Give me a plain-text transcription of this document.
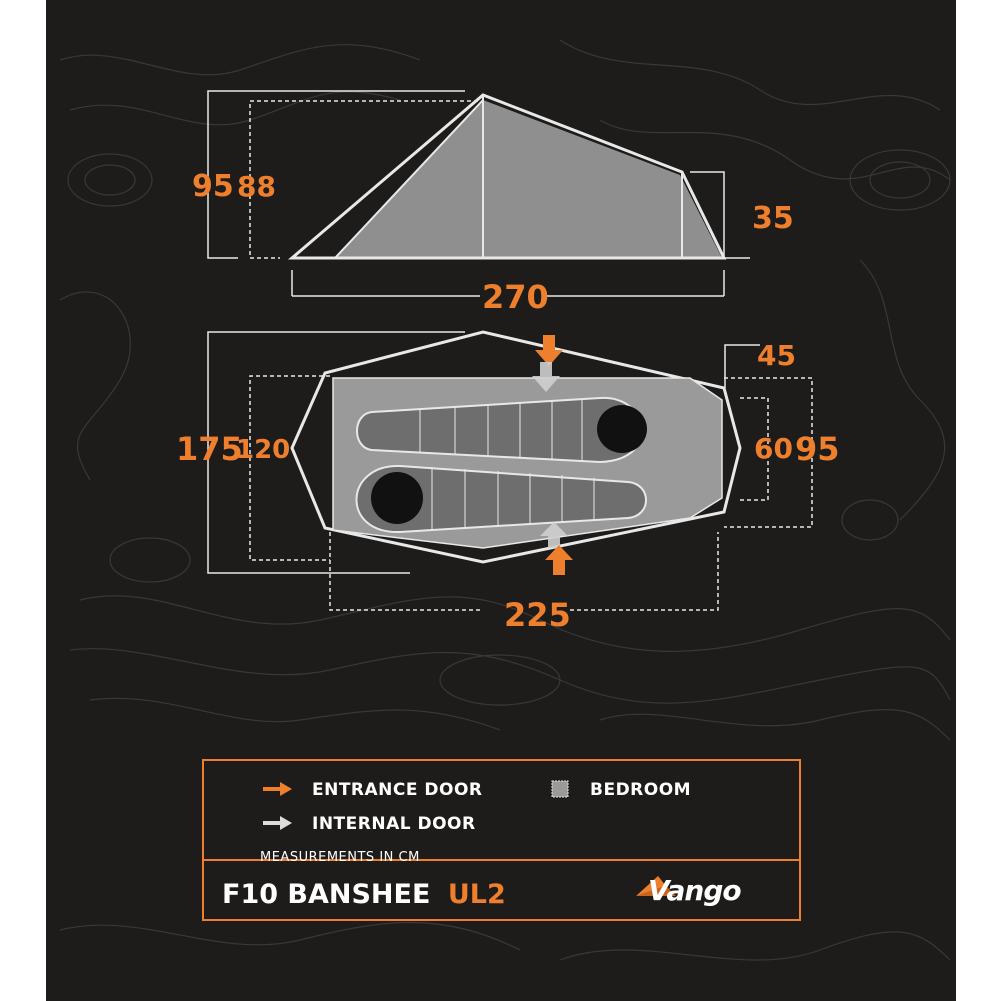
95 88
35
270
45
175
120	60 95
225
ENTRANCE DOOR
INTERNAL DOOR
MEASUREMENTS IN CM
BEDROOM
F10 BANSHEE UL2	Vango
